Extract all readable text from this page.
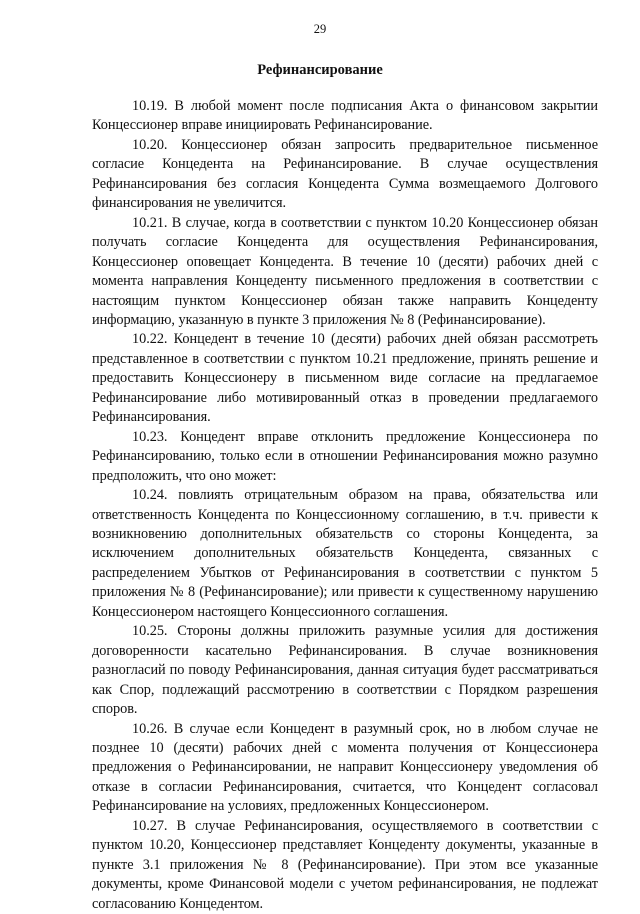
29
Рефинансирование

10.19. В любой момент после подписания Акта о финансовом закрытии Концессионер вправе инициировать Рефинансирование.

10.20. Концессионер обязан запросить предварительное письменное согласие Концедента на Рефинансирование. В случае осуществления Рефинансирования без согласия Концедента Сумма возмещаемого Долгового финансирования не увеличится.

10.21. В случае, когда в соответствии с пунктом 10.20 Концессионер обязан получать согласие Концедента для осуществления Рефинансирования, Концессионер оповещает Концедента. В течение 10 (десяти) рабочих дней с момента направления Концедентy письменного предложения в соответствии с настоящим пунктом Концессионер обязан также направить Концеденту информацию, указанную в пункте 3 приложения № 8 (Рефинансирование).

10.22. Концедент в течение 10 (десяти) рабочих дней обязан рассмотреть представленное в соответствии с пунктом 10.21 предложение, принять решение и предоставить Концессионеру в письменном виде согласие на предлагаемое Рефинансирование либо мотивированный отказ в проведении предлагаемого Рефинансирования.

10.23. Концедент вправе отклонить предложение Концессионера по Рефинансированию, только если в отношении Рефинансирования можно разумно предположить, что оно может:

10.24. повлиять отрицательным образом на права, обязательства или ответственность Концедента по Концессионному соглашению, в т.ч. привести к возникновению дополнительных обязательств со стороны Концедента, за исключением дополнительных обязательств Концедента, связанных с распределением Убытков от Рефинансирования в соответствии с пунктом 5 приложения № 8 (Рефинансирование); или привести к существенному нарушению Концессионером настоящего Концессионного соглашения.

10.25. Стороны должны приложить разумные усилия для достижения договоренности касательно Рефинансирования. В случае возникновения разногласий по поводу Рефинансирования, данная ситуация будет рассматриваться как Спор, подлежащий рассмотрению в соответствии с Порядком разрешения споров.

10.26. В случае если Концедент в разумный срок, но в любом случае не позднее 10 (десяти) рабочих дней с момента получения от Концессионера предложения о Рефинансировании, не направит Концессионеру уведомления об отказе в согласии Рефинансирования, считается, что Концедент согласовал Рефинансирование на условиях, предложенных Концессионером.

10.27. В случае Рефинансирования, осуществляемого в соответствии с пунктом 10.20, Концессионер представляет Концеденту документы, указанные в пункте 3.1 приложения № 8 (Рефинансирование). При этом все указанные документы, кроме Финансовой модели с учетом рефинансирования, не подлежат согласованию Концедентом.
